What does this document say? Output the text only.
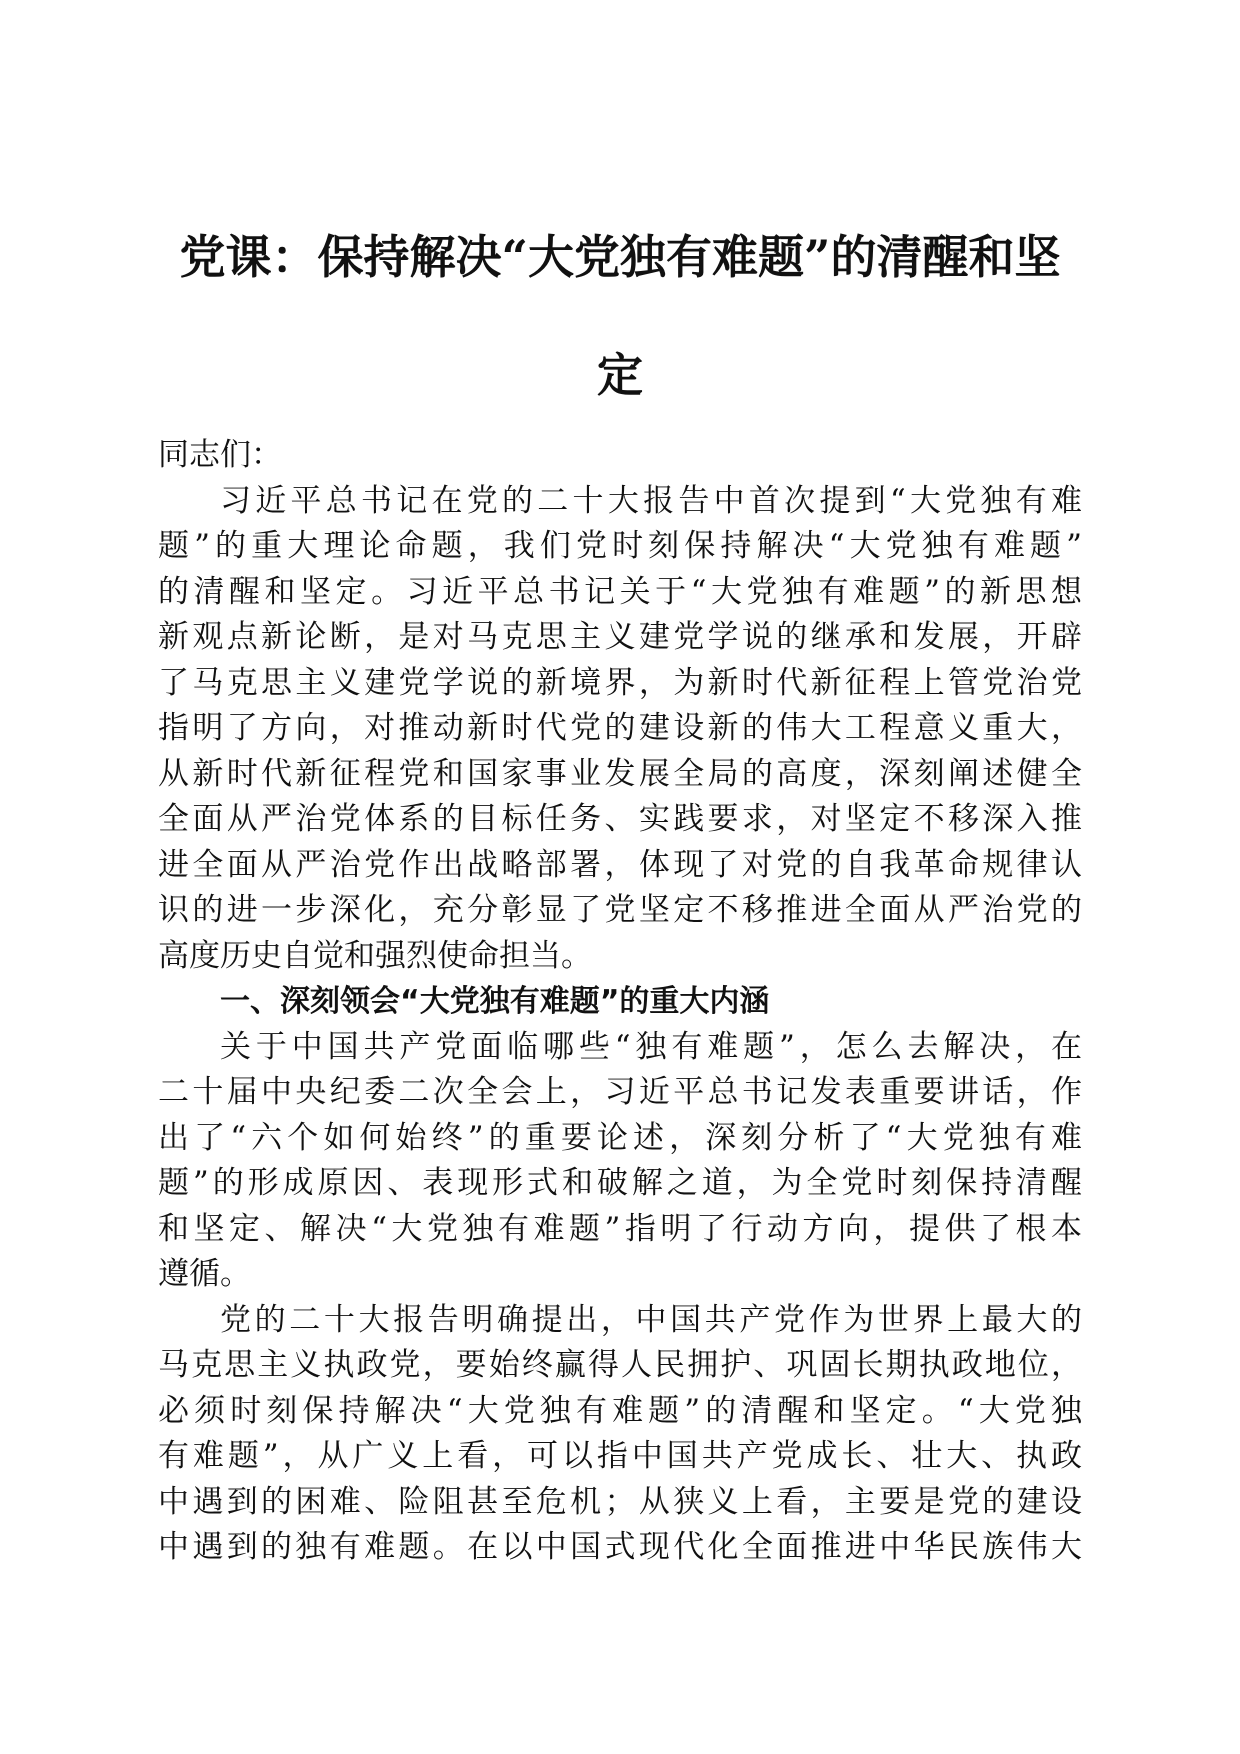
党课：保持解决“大党独有难题”的清醒和坚
定
同志们：
习近平总书记在党的二十大报告中首次提到“大党独有难
题”的重大理论命题，我们党时刻保持解决“大党独有难题”
的清醒和坚定。习近平总书记关于“大党独有难题”的新思想
新观点新论断，是对马克思主义建党学说的继承和发展，开辟
了马克思主义建党学说的新境界，为新时代新征程上管党治党
指明了方向，对推动新时代党的建设新的伟大工程意义重大，
从新时代新征程党和国家事业发展全局的高度，深刻阐述健全
全面从严治党体系的目标任务、实践要求，对坚定不移深入推
进全面从严治党作出战略部署，体现了对党的自我革命规律认
识的进一步深化，充分彰显了党坚定不移推进全面从严治党的
高度历史自觉和强烈使命担当。
一、深刻领会“大党独有难题”的重大内涵
关于中国共产党面临哪些“独有难题”，怎么去解决，在
二十届中央纪委二次全会上，习近平总书记发表重要讲话，作
出了“六个如何始终”的重要论述，深刻分析了“大党独有难
题”的形成原因、表现形式和破解之道，为全党时刻保持清醒
和坚定、解决“大党独有难题”指明了行动方向，提供了根本
遵循。
党的二十大报告明确提出，中国共产党作为世界上最大的
马克思主义执政党，要始终赢得人民拥护、巩固长期执政地位，
必须时刻保持解决“大党独有难题”的清醒和坚定。“大党独
有难题”，从广义上看，可以指中国共产党成长、壮大、执政
中遇到的困难、险阻甚至危机；从狭义上看，主要是党的建设
中遇到的独有难题。在以中国式现代化全面推进中华民族伟大
